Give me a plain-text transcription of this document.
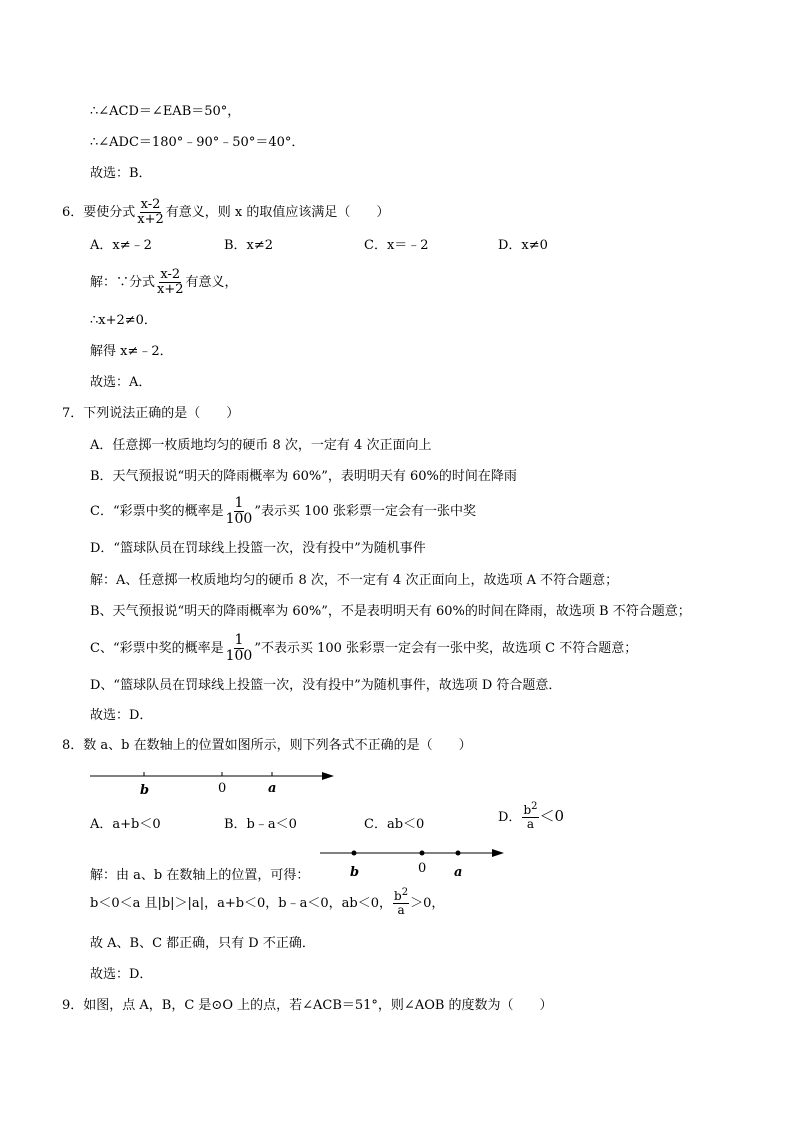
∴∠ACD＝∠EAB＝50°，
∴∠ADC＝180°﹣90°﹣50°＝40°．
故选：B．
6．要使分式 $\frac{x-2}{x+2}$ 有意义，则 x 的取值应该满足（　　）
A．x≠﹣2	B．x≠2	C．x＝﹣2	D．x≠0
解：∵分式 $\frac{x-2}{x+2}$ 有意义，
∴x+2≠0．
解得 x≠﹣2．
故选：A．
7．下列说法正确的是（　　）
A．任意掷一枚质地均匀的硬币 8 次，一定有 4 次正面向上
B．天气预报说“明天的降雨概率为 60%”，表明明天有 60%的时间在降雨
C．“彩票中奖的概率是 $\frac{1}{100}$ ”表示买 100 张彩票一定会有一张中奖
D．“篮球队员在罚球线上投篮一次，没有投中”为随机事件
解：A、任意掷一枚质地均匀的硬币 8 次，不一定有 4 次正面向上，故选项 A 不符合题意；
B、天气预报说“明天的降雨概率为 60%”，不是表明明天有 60%的时间在降雨，故选项 B 不符合题意；
C、“彩票中奖的概率是 $\frac{1}{100}$ ”不表示买 100 张彩票一定会有一张中奖，故选项 C 不符合题意；
D、“篮球队员在罚球线上投篮一次，没有投中”为随机事件，故选项 D 符合题意．
故选：D．
8．数 a、b 在数轴上的位置如图所示，则下列各式不正确的是（　　）
b	0	a
A．a+b＜0	B．b﹣a＜0	C．ab＜0	D． $\frac{b^2}{a} <0$
b	0 a
解：由 a、b 在数轴上的位置，可得：
b＜0＜a 且|b|＞|a|，a+b＜0，b﹣a＜0，ab＜0， $\frac{b^2}{a} >0$，
故 A、B、C 都正确，只有 D 不正确．
故选：D．
9．如图，点 A，B，C 是⊙O 上的点，若∠ACB＝51°，则∠AOB 的度数为（　　）
